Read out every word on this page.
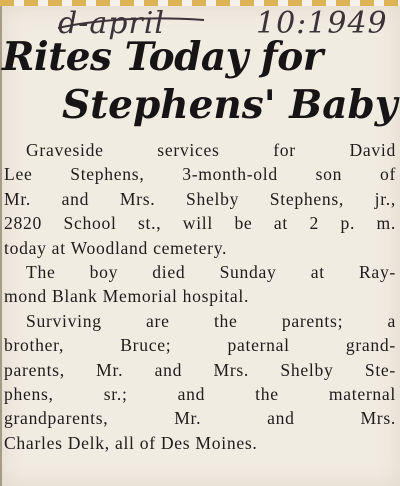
d-april	10:1949
Rites Today for
Stephens' Baby

Graveside services for David
Lee Stephens, 3-month-old son of
Mr. and Mrs. Shelby Stephens, jr.,
2820 School st., will be at 2 p. m.
today at Woodland cemetery.

The boy died Sunday at Ray-
mond Blank Memorial hospital.

Surviving are the parents; a
brother, Bruce; paternal grand-
parents, Mr. and Mrs. Shelby Ste-
phens, sr.; and the maternal
grandparents, Mr. and Mrs.
Charles Delk, all of Des Moines.
